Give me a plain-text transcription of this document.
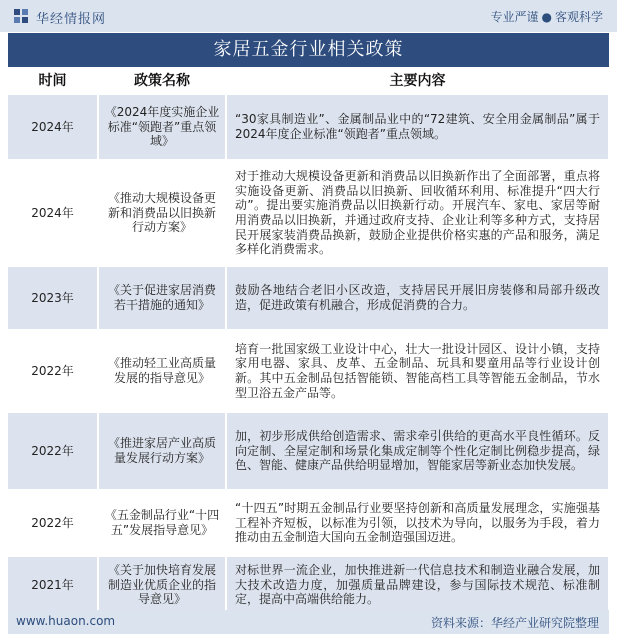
华经情报网	专业严谨 ● 客观科学
家居五金行业相关政策
时间	政策名称	主要内容
2024年	《2024年度实施企业标准“领跑者”重点领域》	“30家具制造业”、金属制品业中的“72建筑、安全用金属制品”属于2024年度企业标准“领跑者”重点领域。
2024年	《推动大规模设备更新和消费品以旧换新行动方案》	对于推动大规模设备更新和消费品以旧换新作出了全面部署，重点将实施设备更新、消费品以旧换新、回收循环利用、标准提升“四大行动”。提出要实施消费品以旧换新行动。开展汽车、家电、家居等耐用消费品以旧换新，并通过政府支持、企业让利等多种方式，支持居民开展家装消费品换新，鼓励企业提供价格实惠的产品和服务，满足多样化消费需求。
2023年	《关于促进家居消费若干措施的通知》	鼓励各地结合老旧小区改造，支持居民开展旧房装修和局部升级改造，促进政策有机融合，形成促消费的合力。
2022年	《推动轻工业高质量发展的指导意见》	培育一批国家级工业设计中心，壮大一批设计园区、设计小镇，支持家用电器、家具、皮革、五金制品、玩具和婴童用品等行业设计创新。其中五金制品包括智能锁、智能高档工具等智能五金制品，节水型卫浴五金产品等。
2022年	《推进家居产业高质量发展行动方案》	加，初步形成供给创造需求、需求牵引供给的更高水平良性循环。反向定制、全屋定制和场景化集成定制等个性化定制比例稳步提高，绿色、智能、健康产品供给明显增加，智能家居等新业态加快发展。
2022年	《五金制品行业“十四五”发展指导意见》	“十四五”时期五金制品行业要坚持创新和高质量发展理念，实施强基工程补齐短板，以标准为引领，以技术为导向，以服务为手段，着力推动由五金制造大国向五金制造强国迈进。
2021年	《关于加快培育发展制造业优质企业的指导意见》	对标世界一流企业，加快推进新一代信息技术和制造业融合发展，加大技术改造力度，加强质量品牌建设，参与国际技术规范、标准制定，提高中高端供给能力。
www.huaon.com	资料来源：华经产业研究院整理
